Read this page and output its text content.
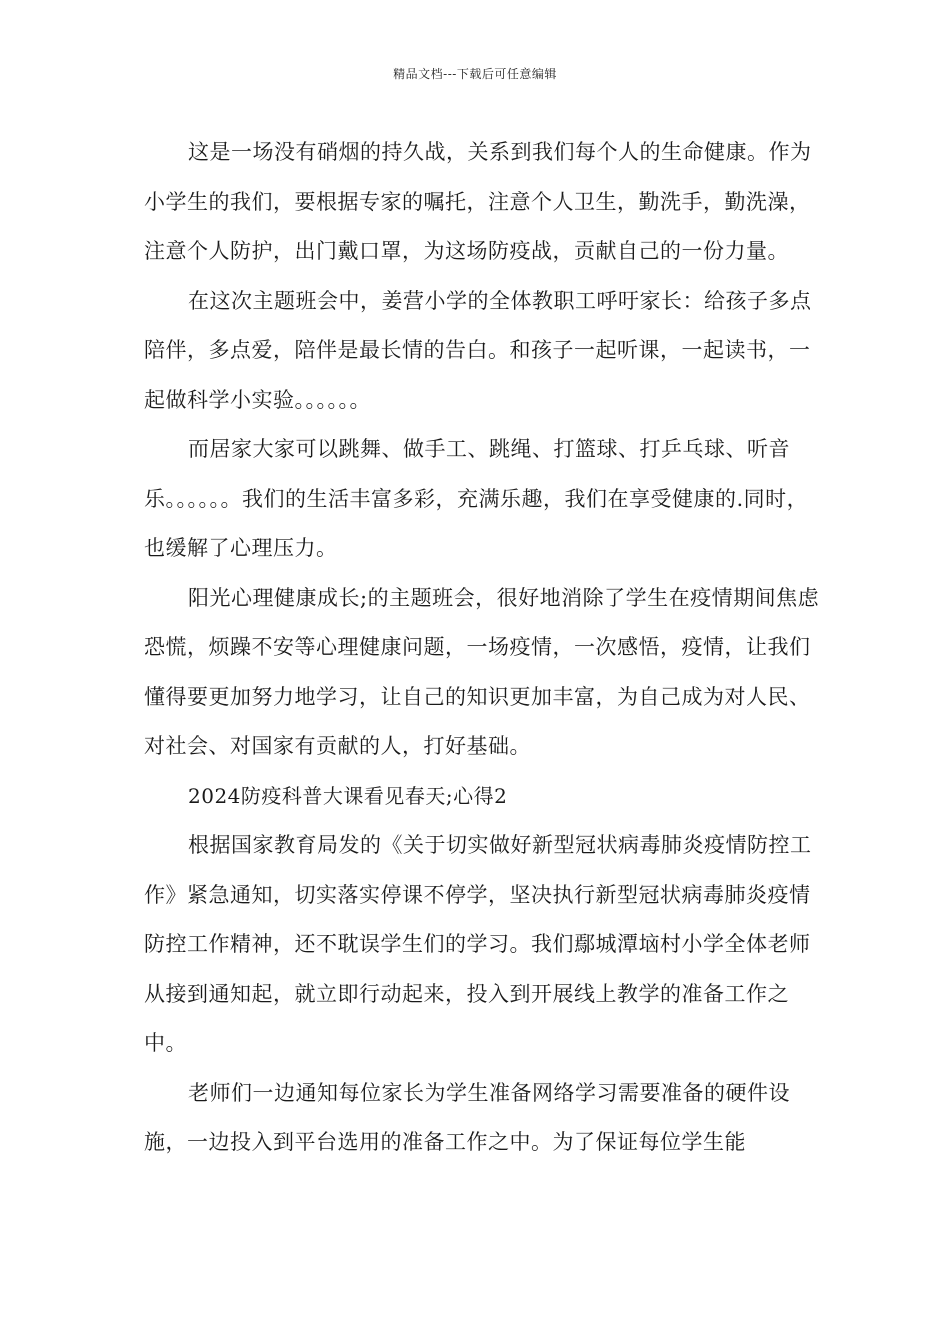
精品文档---下载后可任意编辑

这是一场没有硝烟的持久战，关系到我们每个人的生命健康。作为小学生的我们，要根据专家的嘱托，注意个人卫生，勤洗手，勤洗澡，注意个人防护，出门戴口罩，为这场防疫战，贡献自己的一份力量。

在这次主题班会中，姜营小学的全体教职工呼吁家长：给孩子多点陪伴，多点爱，陪伴是最长情的告白。和孩子一起听课，一起读书，一起做科学小实验。。。。。。

而居家大家可以跳舞、做手工、跳绳、打篮球、打乒乓球、听音乐。。。。。。我们的生活丰富多彩，充满乐趣，我们在享受健康的.同时，也缓解了心理压力。

阳光心理健康成长;的主题班会，很好地消除了学生在疫情期间焦虑恐慌，烦躁不安等心理健康问题，一场疫情，一次感悟，疫情，让我们懂得要更加努力地学习，让自己的知识更加丰富，为自己成为对人民、对社会、对国家有贡献的人，打好基础。

2024防疫科普大课看见春天;心得2

根据国家教育局发的《关于切实做好新型冠状病毒肺炎疫情防控工作》紧急通知，切实落实停课不停学，坚决执行新型冠状病毒肺炎疫情防控工作精神，还不耽误学生们的学习。我们鄢城潭垴村小学全体老师从接到通知起，就立即行动起来，投入到开展线上教学的准备工作之中。

老师们一边通知每位家长为学生准备网络学习需要准备的硬件设施，一边投入到平台选用的准备工作之中。为了保证每位学生能
